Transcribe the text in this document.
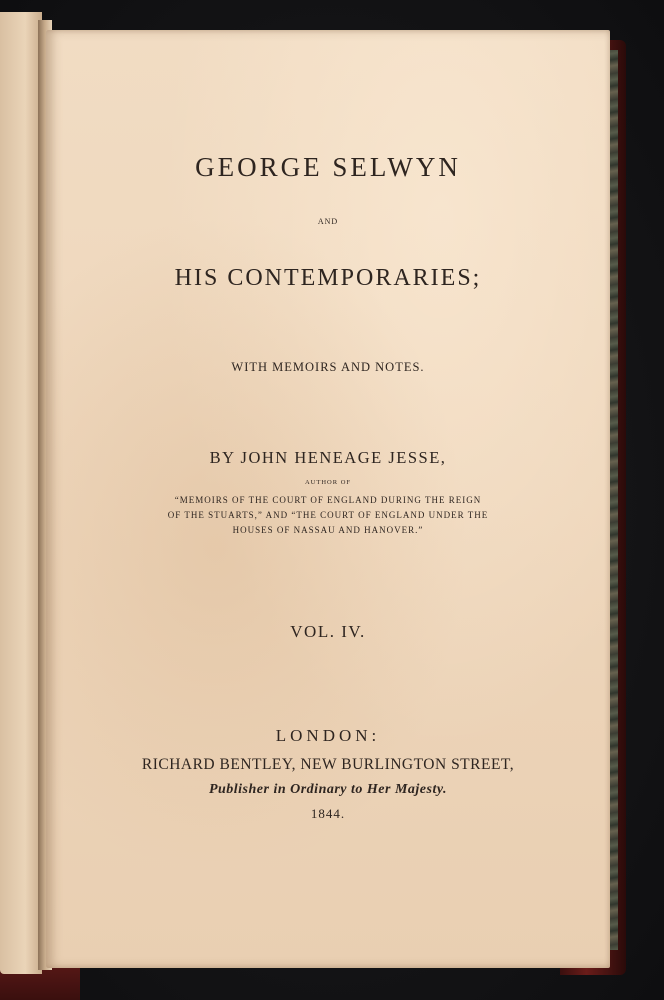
GEORGE SELWYN
AND
HIS CONTEMPORARIES;
WITH MEMOIRS AND NOTES.
BY JOHN HENEAGE JESSE,
AUTHOR OF
“MEMOIRS OF THE COURT OF ENGLAND DURING THE REIGN
OF THE STUARTS,” AND “THE COURT OF ENGLAND UNDER THE
HOUSES OF NASSAU AND HANOVER.”
VOL. IV.
LONDON:
RICHARD BENTLEY, NEW BURLINGTON STREET,
Publisher in Ordinary to Her Majesty.
1844.
